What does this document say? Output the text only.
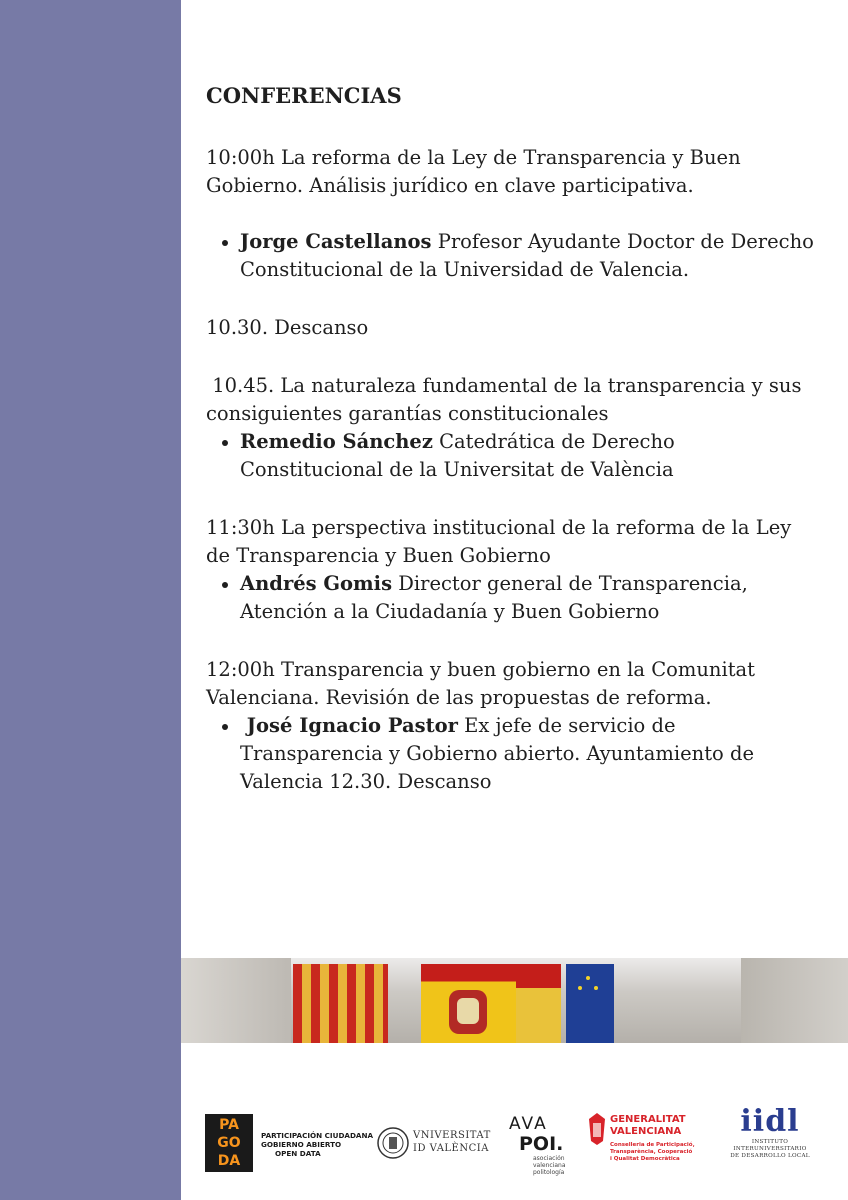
CONFERENCIAS

10:00h La reforma de la Ley de Transparencia y Buen Gobierno. Análisis jurídico en clave participativa.

Jorge Castellanos Profesor Ayudante Doctor de Derecho Constitucional de la Universidad de Valencia.

10.30. Descanso

10.45. La naturaleza fundamental de la transparencia y sus consiguientes garantías constitucionales

Remedio Sánchez Catedrática de Derecho Constitucional de la Universitat de València

11:30h La perspectiva institucional de la reforma de la Ley de Transparencia y Buen Gobierno

Andrés Gomis Director general de Transparencia, Atención a la Ciudadanía y Buen Gobierno

12:00h Transparencia y buen gobierno en la Comunitat Valenciana. Revisión de las propuestas de reforma.

José Ignacio Pastor Ex jefe de servicio de Transparencia y Gobierno abierto. Ayuntamiento de Valencia 12.30. Descanso
PA
GO
DA
PARTICIPACIÓN CIUDADANA
GOBIERNO ABIERTO
OPEN DATA
VNIVERSITAT
ID VALÈNCIA
AVA
POI.
asociación
valenciana
politología
GENERALITAT
VALENCIANA
Conselleria de Participació,
Transparència, Cooperació
i Qualitat Democràtica
iidl
INSTITUTO
INTERUNIVERSITARIO
DE DESARROLLO LOCAL
